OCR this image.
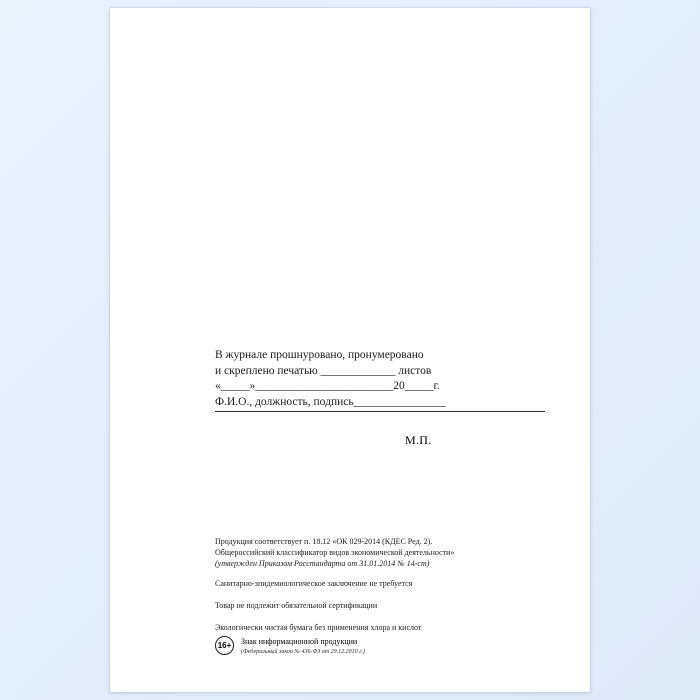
В журнале прошнуровано, пронумеровано
и скреплено печатью _____________ листов
«_____»________________________20_____г.
Ф.И.О., должность, подпись________________
М.П.
Продукция соответствует п. 18.12 «ОК 029-2014 (КДЕС Ред. 2).
Общероссийский классификатор видов экономической деятельности»
(утвержден Приказом Росстандарта от 31.01.2014 № 14-ст)
Санитарно-эпидемиологическое заключение не требуется
Товар не подлежит обязательной сертификации
Экологически чистая бумага без применения хлора и кислот
16+	Знак информационной продукции
(Федеральный закон № 436-ФЗ от 29.12.2010 г.)
